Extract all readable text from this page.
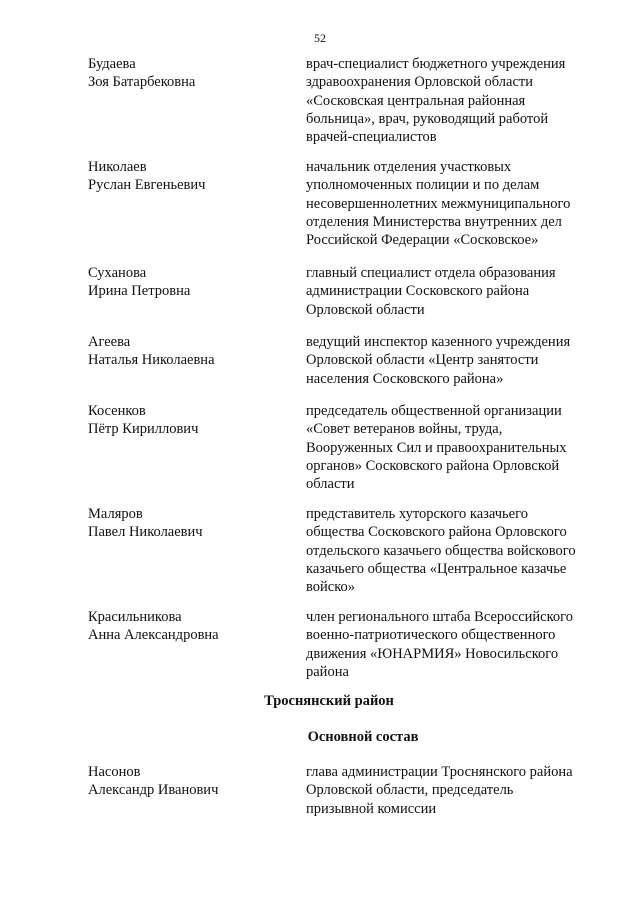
52
Будаева
Зоя Батарбековна
врач-специалист бюджетного учреждения
здравоохранения Орловской области
«Сосковская центральная районная
больница», врач, руководящий работой
врачей-специалистов
Николаев
Руслан Евгеньевич
начальник отделения участковых
уполномоченных полиции и по делам
несовершеннолетних межмуниципального
отделения Министерства внутренних дел
Российской Федерации «Сосковское»
Суханова
Ирина Петровна
главный специалист отдела образования
администрации Сосковского района
Орловской области
Агеева
Наталья Николаевна
ведущий инспектор казенного учреждения
Орловской области «Центр занятости
населения Сосковского района»
Косенков
Пётр Кириллович
председатель общественной организации
«Совет ветеранов войны, труда,
Вооруженных Сил и правоохранительных
органов» Сосковского района Орловской
области
Маляров
Павел Николаевич
представитель хуторского казачьего
общества Сосковского района Орловского
отдельского казачьего общества войскового
казачьего общества «Центральное казачье
войско»
Красильникова
Анна Александровна
член регионального штаба Всероссийского
военно-патриотического общественного
движения «ЮНАРМИЯ» Новосильского
района
Троснянский район
Основной состав
Насонов
Александр Иванович
глава администрации Троснянского района
Орловской области, председатель
призывной комиссии
